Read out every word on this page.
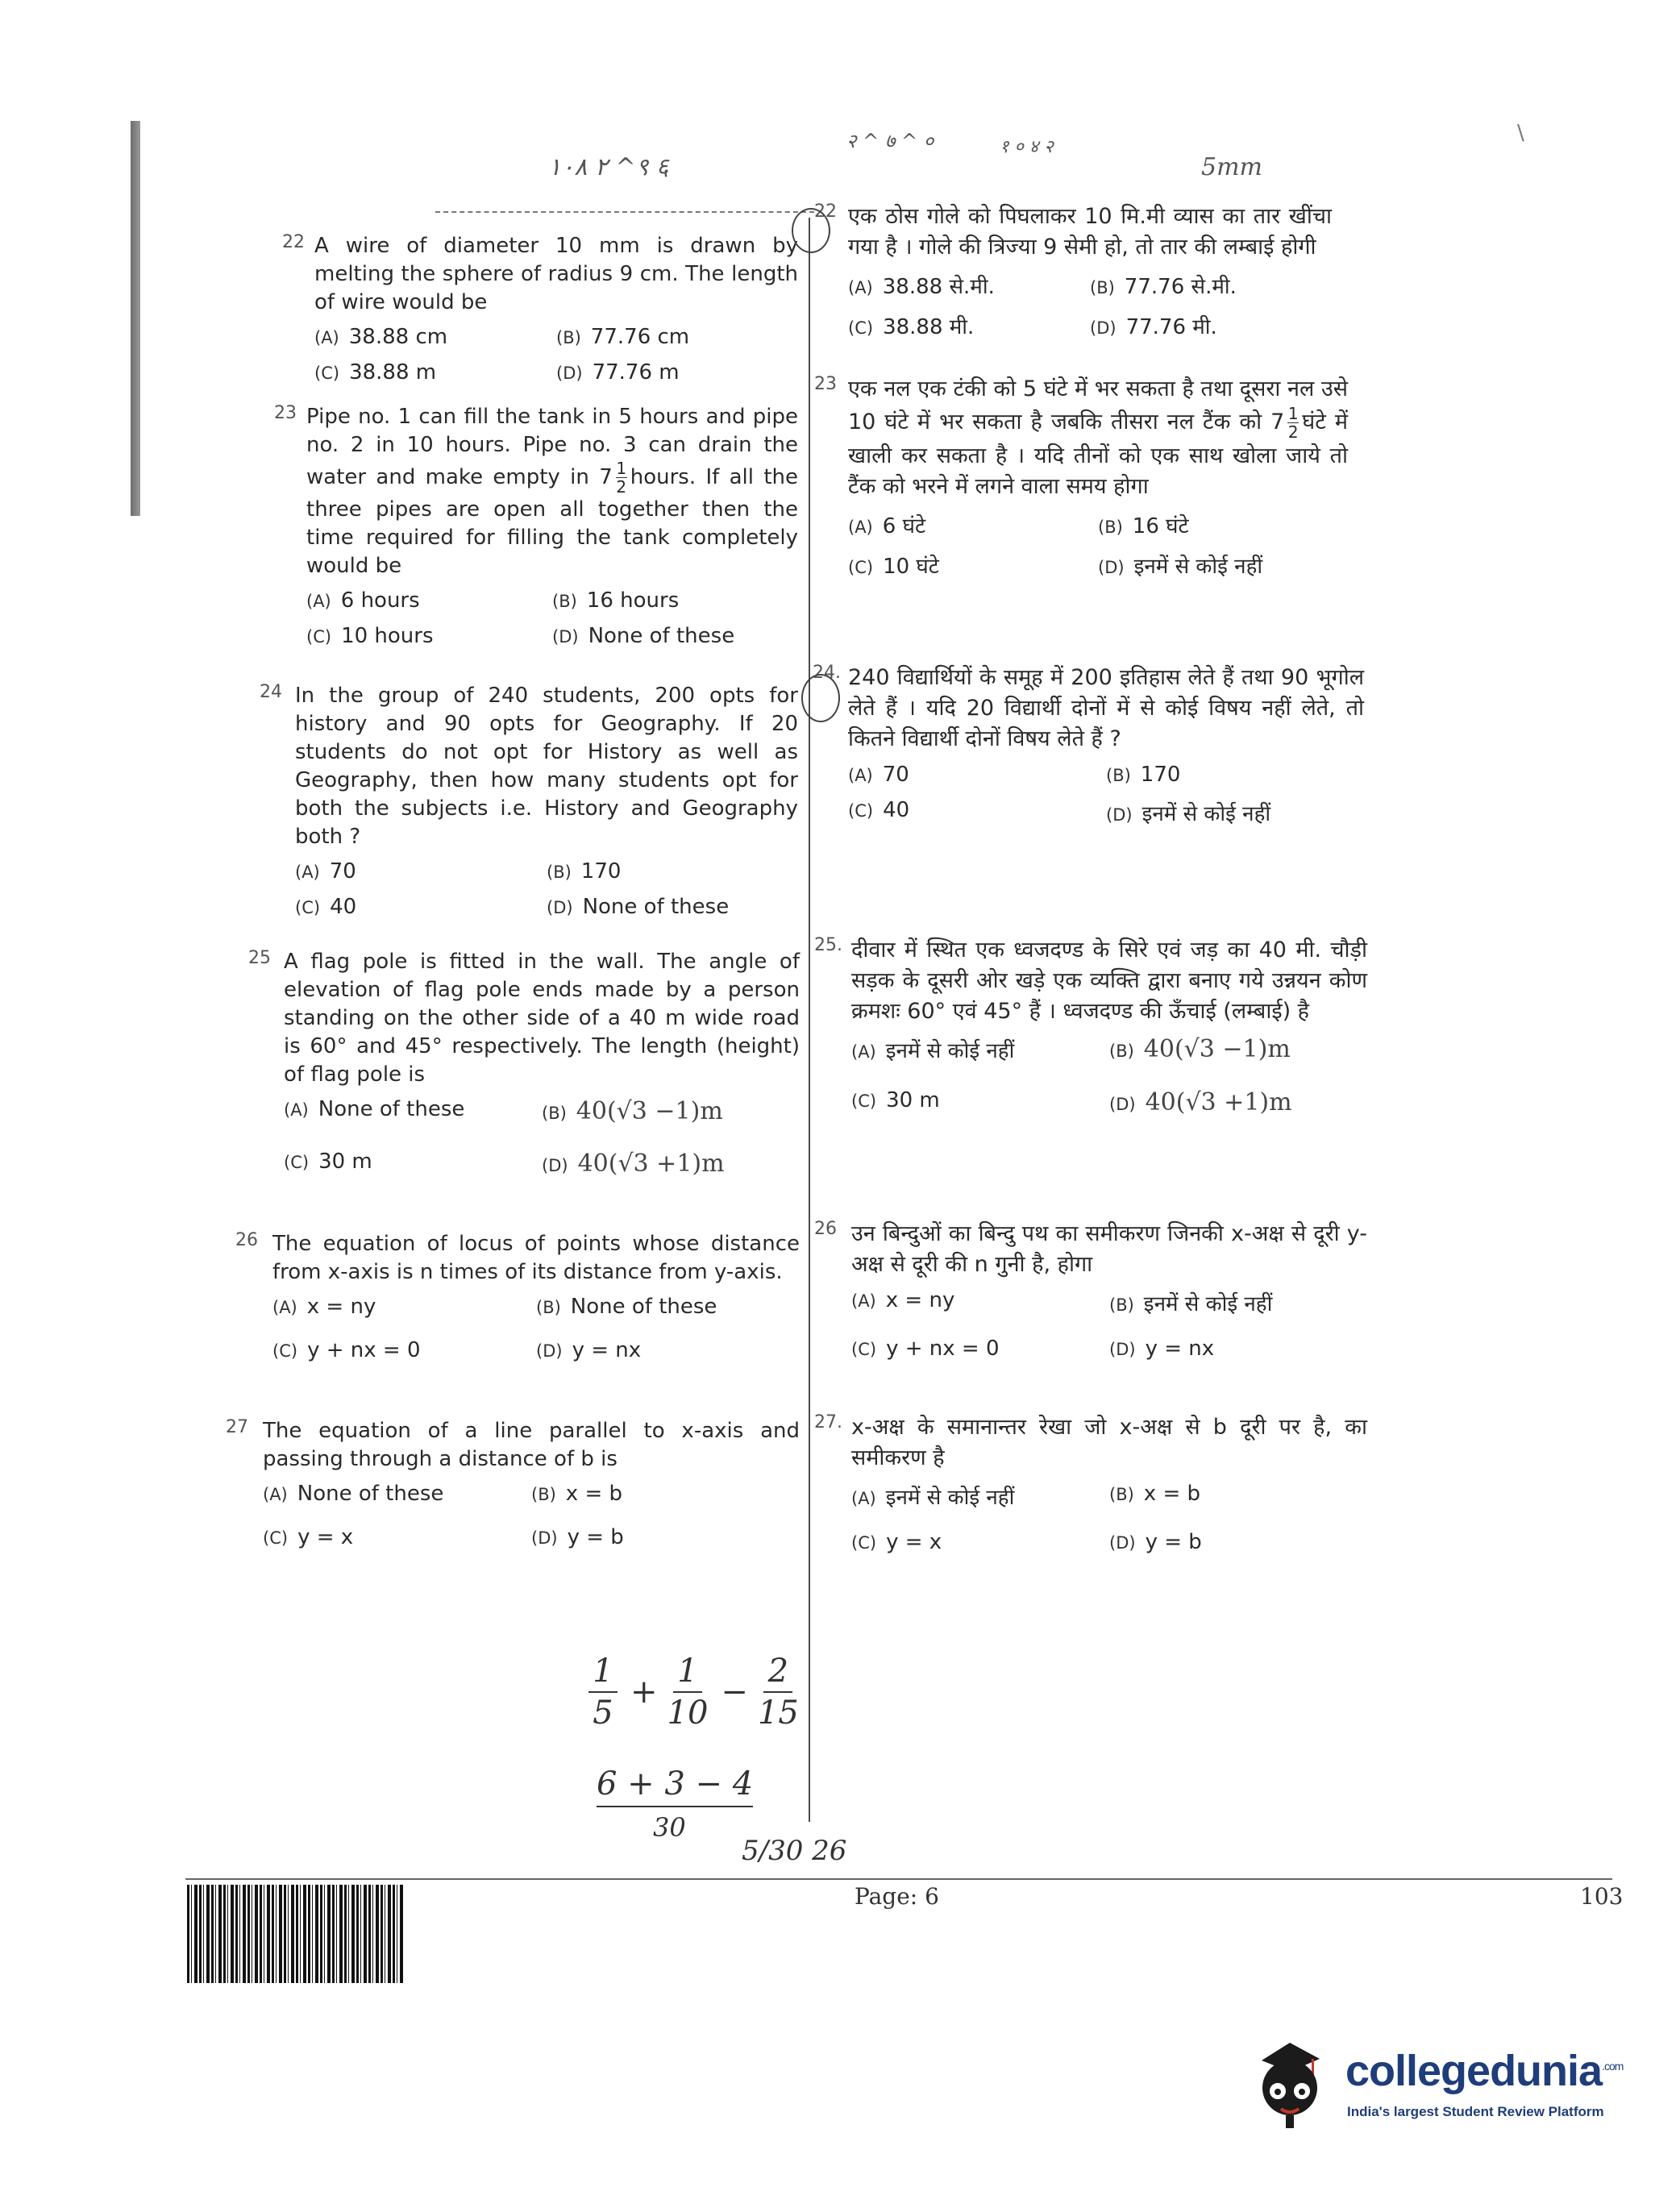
\
٢ ١٠٨ ^९ ६
२ ^ ७ ^ ०	१ ० ४ २
5mm
22 A wire of diameter 10 mm is drawn by melting the sphere of radius 9 cm. The length of wire would be

(A) 38.88 cm	(B) 77.76 cm
(C) 38.88 m	(D) 77.76 m
23 Pipe no. 1 can fill the tank in 5 hours and pipe no. 2 in 10 hours. Pipe no. 3 can drain the water and make empty in $7 \frac{1}{2}$ hours. If all the three pipes are open all together then the time required for filling the tank completely would be

(A) 6 hours	(B) 16 hours
(C) 10 hours	(D) None of these
24 In the group of 240 students, 200 opts for history and 90 opts for Geography. If 20 students do not opt for History as well as Geography, then how many students opt for both the subjects i.e. History and Geography both ?

(A) 70	(B) 170
(C) 40	(D) None of these
25 A flag pole is fitted in the wall. The angle of elevation of flag pole ends made by a person standing on the other side of a 40 m wide road is 60° and 45° respectively. The length (height) of flag pole is

(A) None of these	(B) 40(√3 −1)m
(C) 30 m	(D) 40(√3 +1)m
26 The equation of locus of points whose distance from x-axis is n times of its distance from y-axis.

(A) x = ny	(B) None of these
(C) y + nx = 0	(D) y = nx
27 The equation of a line parallel to x-axis and passing through a distance of b is

(A) None of these	(B) x = b
(C) y = x	(D) y = b
22 एक ठोस गोले को पिघलाकर 10 मि.मी व्यास का तार खींचा गया है । गोले की त्रिज्या 9 सेमी हो, तो तार की लम्बाई होगी

(A) 38.88 से.मी.	(B) 77.76 से.मी.
(C) 38.88 मी.	(D) 77.76 मी.
23 एक नल एक टंकी को 5 घंटे में भर सकता है तथा दूसरा नल उसे 10 घंटे में भर सकता है जबकि तीसरा नल टैंक को $7 \frac{1}{2}$ घंटे में खाली कर सकता है । यदि तीनों को एक साथ खोला जाये तो टैंक को भरने में लगने वाला समय होगा

(A) 6 घंटे	(B) 16 घंटे
(C) 10 घंटे	(D) इनमें से कोई नहीं
24. 240 विद्यार्थियों के समूह में 200 इतिहास लेते हैं तथा 90 भूगोल लेते हैं । यदि 20 विद्यार्थी दोनों में से कोई विषय नहीं लेते, तो कितने विद्यार्थी दोनों विषय लेते हैं ?

(A) 70	(B) 170
(C) 40	(D) इनमें से कोई नहीं
25. दीवार में स्थित एक ध्वजदण्ड के सिरे एवं जड़ का 40 मी. चौड़ी सड़क के दूसरी ओर खड़े एक व्यक्ति द्वारा बनाए गये उन्नयन कोण क्रमशः 60° एवं 45° हैं । ध्वजदण्ड की ऊँचाई (लम्बाई) है

(A) इनमें से कोई नहीं	(B) 40(√3 −1)m
(C) 30 m	(D) 40(√3 +1)m
26 उन बिन्दुओं का बिन्दु पथ का समीकरण जिनकी x-अक्ष से दूरी y-अक्ष से दूरी की n गुनी है, होगा

(A) x = ny	(B) इनमें से कोई नहीं
(C) y + nx = 0	(D) y = nx
27. x-अक्ष के समानान्तर रेखा जो x-अक्ष से b दूरी पर है, का समीकरण है

(A) इनमें से कोई नहीं	(B) x = b
(C) y = x	(D) y = b
$\frac{1}{5} + \frac{1}{10} - \frac{2}{15}$
6 + 3 − 4
30
5/30 26
Page: 6	103
collegedunia$^{.com}$
India's largest Student Review Platform
